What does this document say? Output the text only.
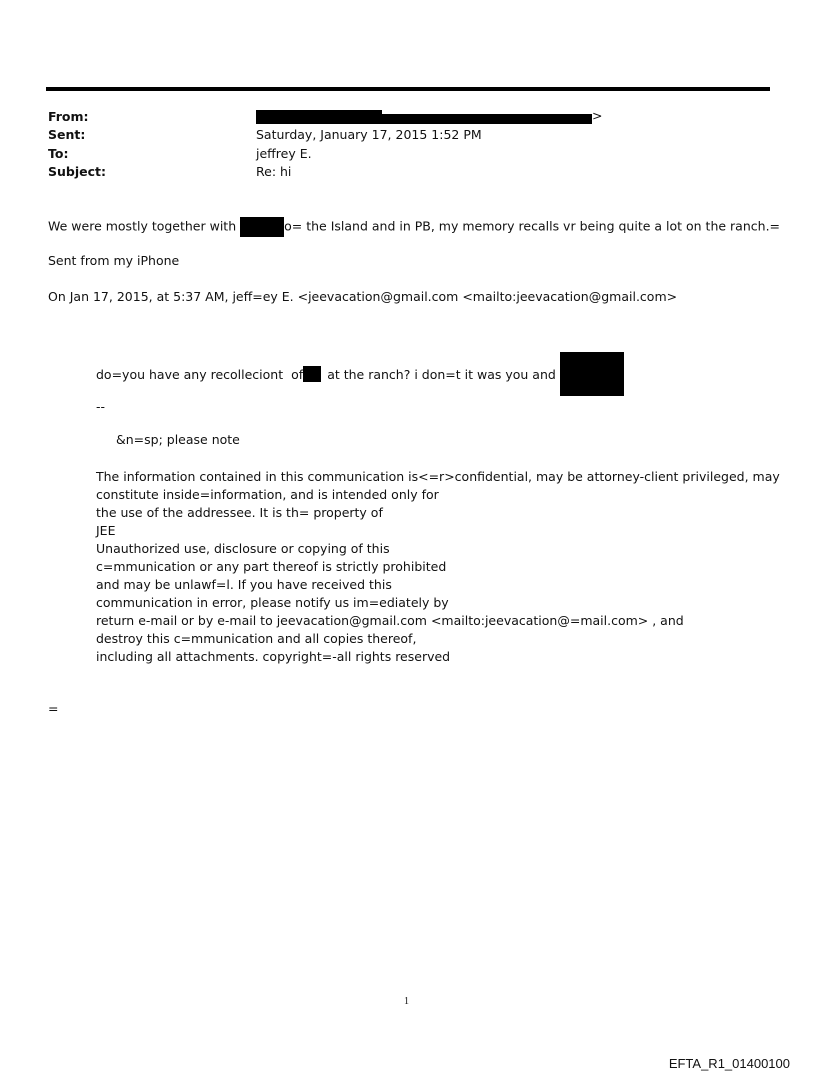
From:	>
Sent:	Saturday, January 17, 2015 1:52 PM
To:	jeffrey E.
Subject:	Re: hi
We were mostly together with	o= the Island and in PB, my memory recalls vr being quite a lot on the ranch.=
Sent from my iPhone
On Jan 17, 2015, at 5:37 AM, jeff=ey E. <jeevacation@gmail.com <mailto:jeevacation@gmail.com>
do=you have any recolleciont of at the ranch? i don=t it was you and
--
&n=sp; please note
The information contained in this communication is<=r>confidential, may be attorney-client privileged, may
constitute inside=information, and is intended only for
the use of the addressee. It is th= property of
JEE
Unauthorized use, disclosure or copying of this
c=mmunication or any part thereof is strictly prohibited
and may be unlawf=l. If you have received this
communication in error, please notify us im=ediately by
return e-mail or by e-mail to jeevacation@gmail.com <mailto:jeevacation@=mail.com> , and
destroy this c=mmunication and all copies thereof,
including all attachments. copyright=-all rights reserved
=
1
EFTA_R1_01400100
